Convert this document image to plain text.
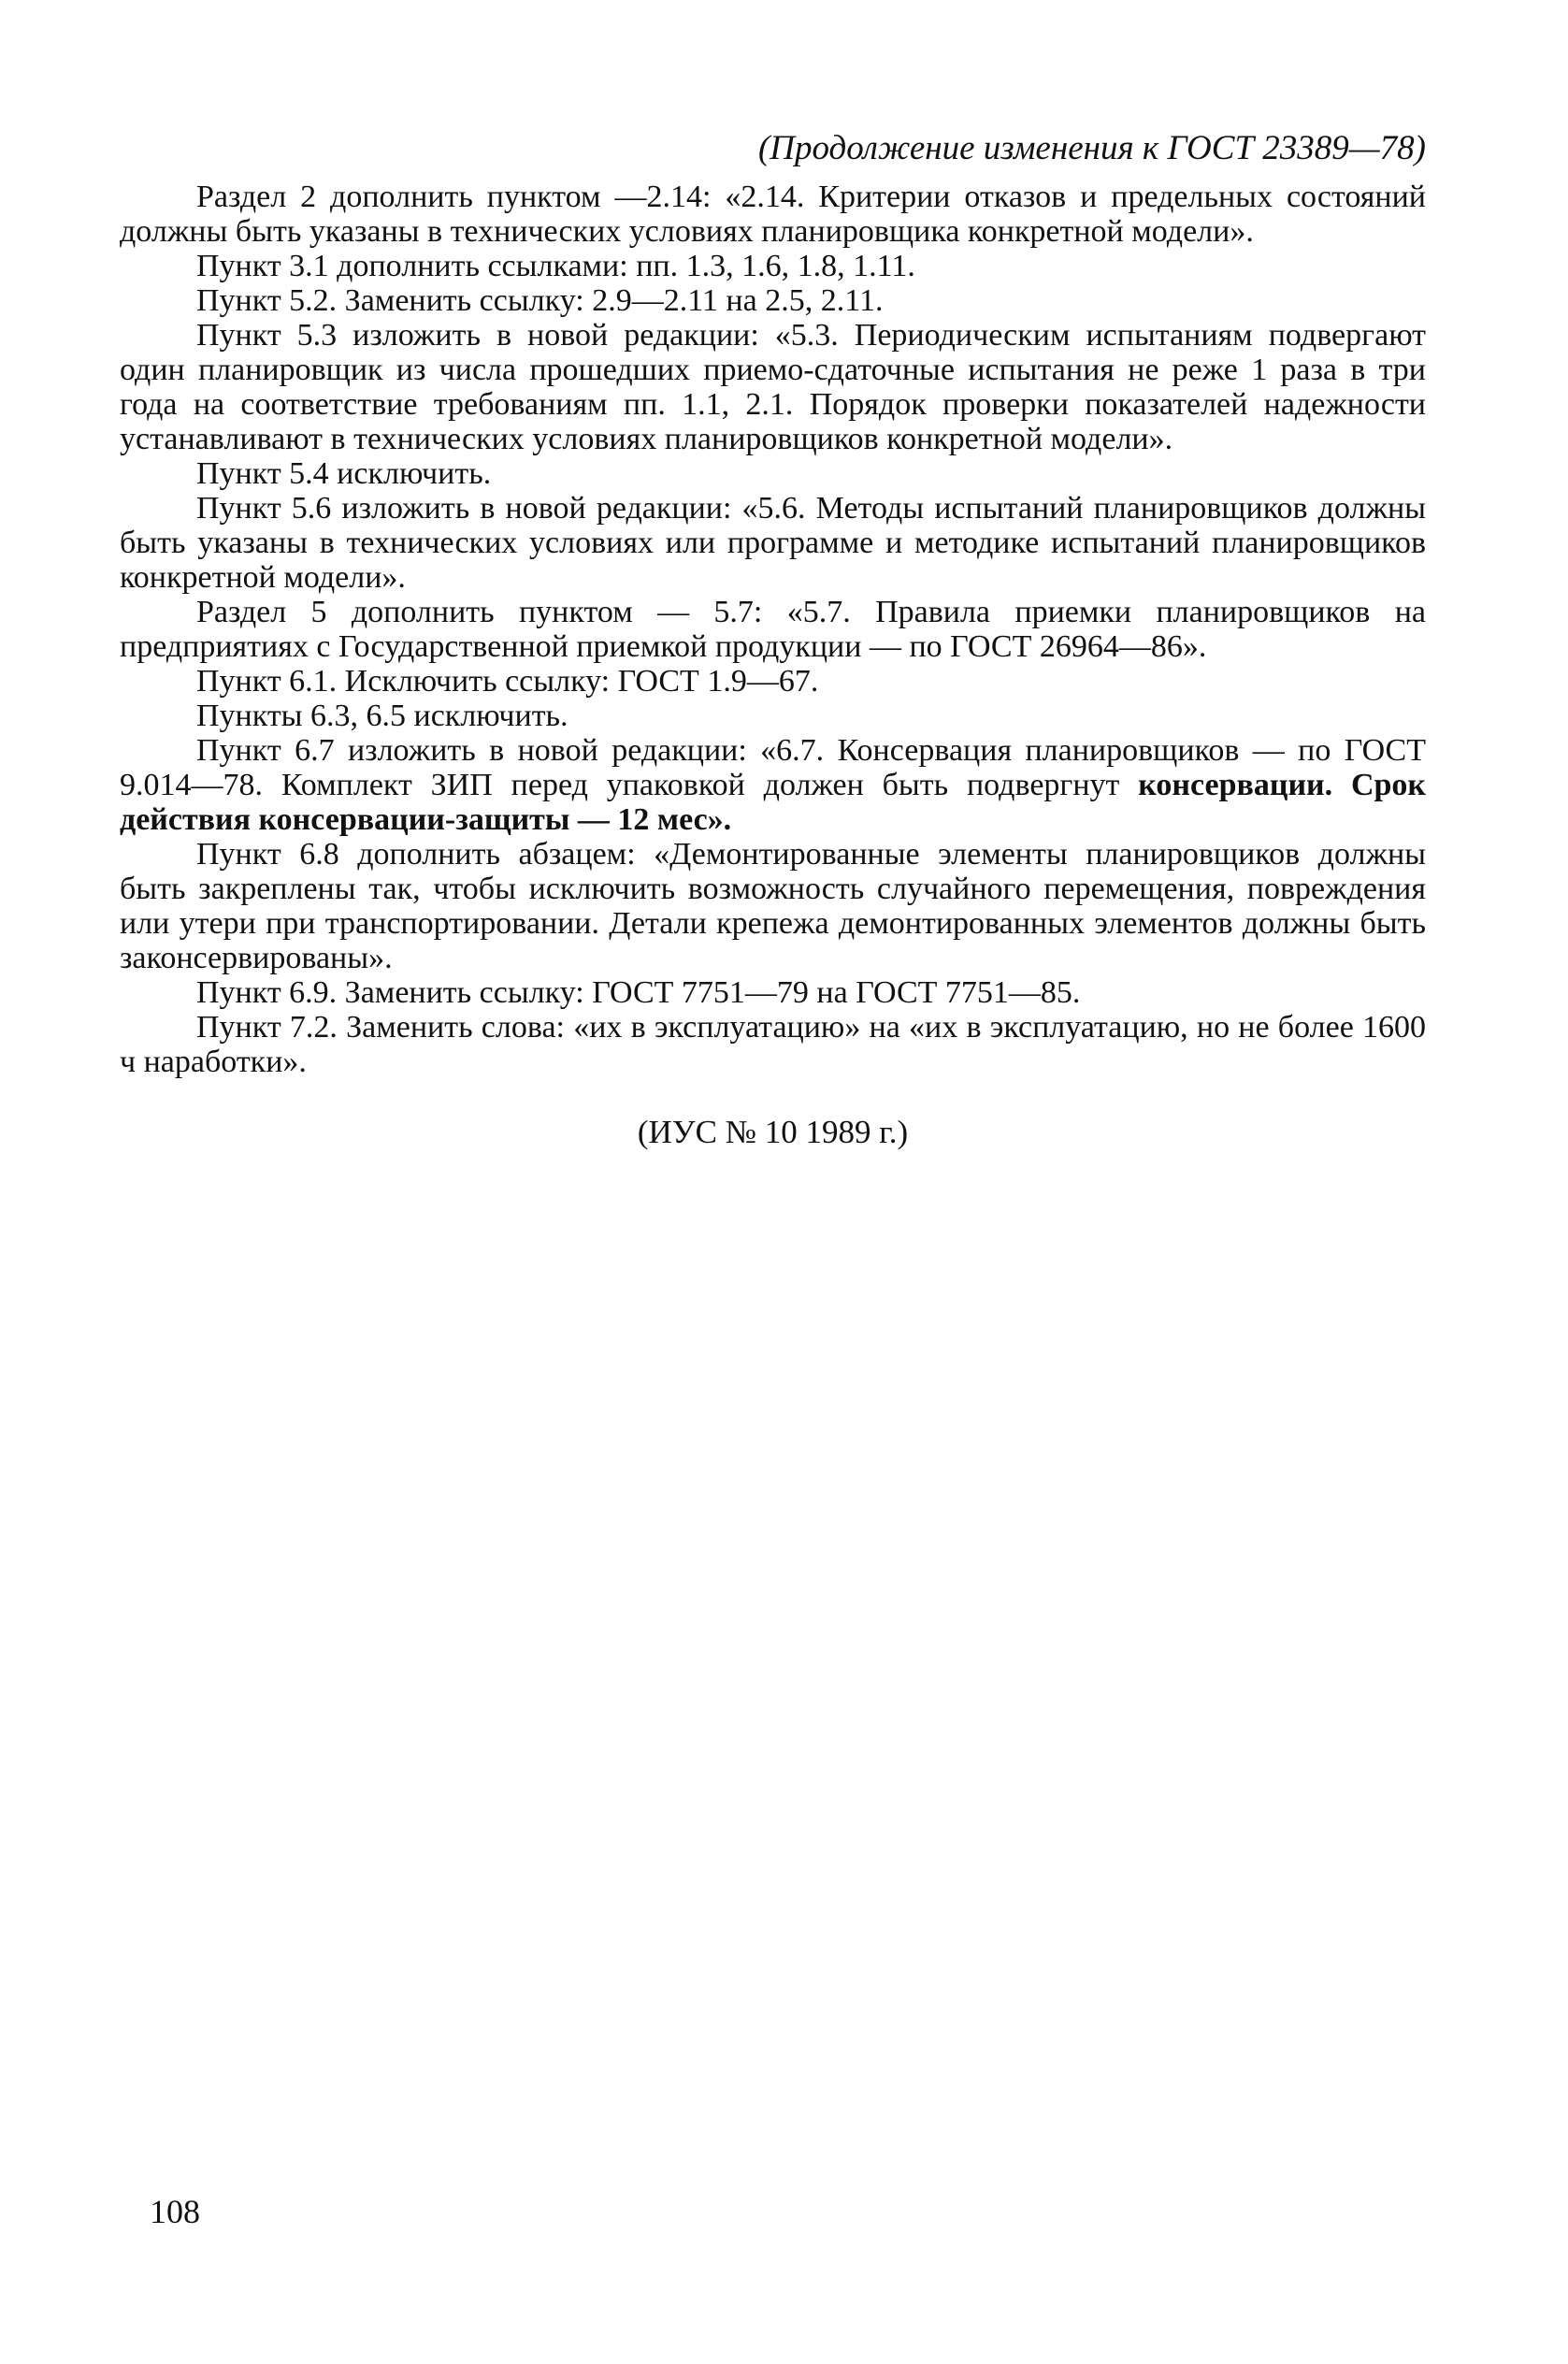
(Продолжение изменения к ГОСТ 23389—78)

Раздел 2 дополнить пунктом —2.14: «2.14. Критерии отказов и предельных состояний должны быть указаны в технических условиях планировщика конкретной модели».

Пункт 3.1 дополнить ссылками: пп. 1.3, 1.6, 1.8, 1.11.

Пункт 5.2. Заменить ссылку: 2.9—2.11 на 2.5, 2.11.

Пункт 5.3 изложить в новой редакции: «5.3. Периодическим испытаниям подвергают один планировщик из числа прошедших приемо-сдаточные испытания не реже 1 раза в три года на соответствие требованиям пп. 1.1, 2.1. Порядок проверки показателей надежности устанавливают в технических условиях планировщиков конкретной модели».

Пункт 5.4 исключить.

Пункт 5.6 изложить в новой редакции: «5.6. Методы испытаний планировщиков должны быть указаны в технических условиях или программе и методике испытаний планировщиков конкретной модели».

Раздел 5 дополнить пунктом — 5.7: «5.7. Правила приемки планировщиков на предприятиях с Государственной приемкой продукции — по ГОСТ 26964—86».

Пункт 6.1. Исключить ссылку: ГОСТ 1.9—67.

Пункты 6.3, 6.5 исключить.

Пункт 6.7 изложить в новой редакции: «6.7. Консервация планировщиков — по ГОСТ 9.014—78. Комплект ЗИП перед упаковкой должен быть подвергнут консервации. Срок действия консервации-защиты — 12 мес».

Пункт 6.8 дополнить абзацем: «Демонтированные элементы планировщиков должны быть закреплены так, чтобы исключить возможность случайного перемещения, повреждения или утери при транспортировании. Детали крепежа демонтированных элементов должны быть законсервированы».

Пункт 6.9. Заменить ссылку: ГОСТ 7751—79 на ГОСТ 7751—85.

Пункт 7.2. Заменить слова: «их в эксплуатацию» на «их в эксплуатацию, но не более 1600 ч наработки».

(ИУС № 10 1989 г.)
108
